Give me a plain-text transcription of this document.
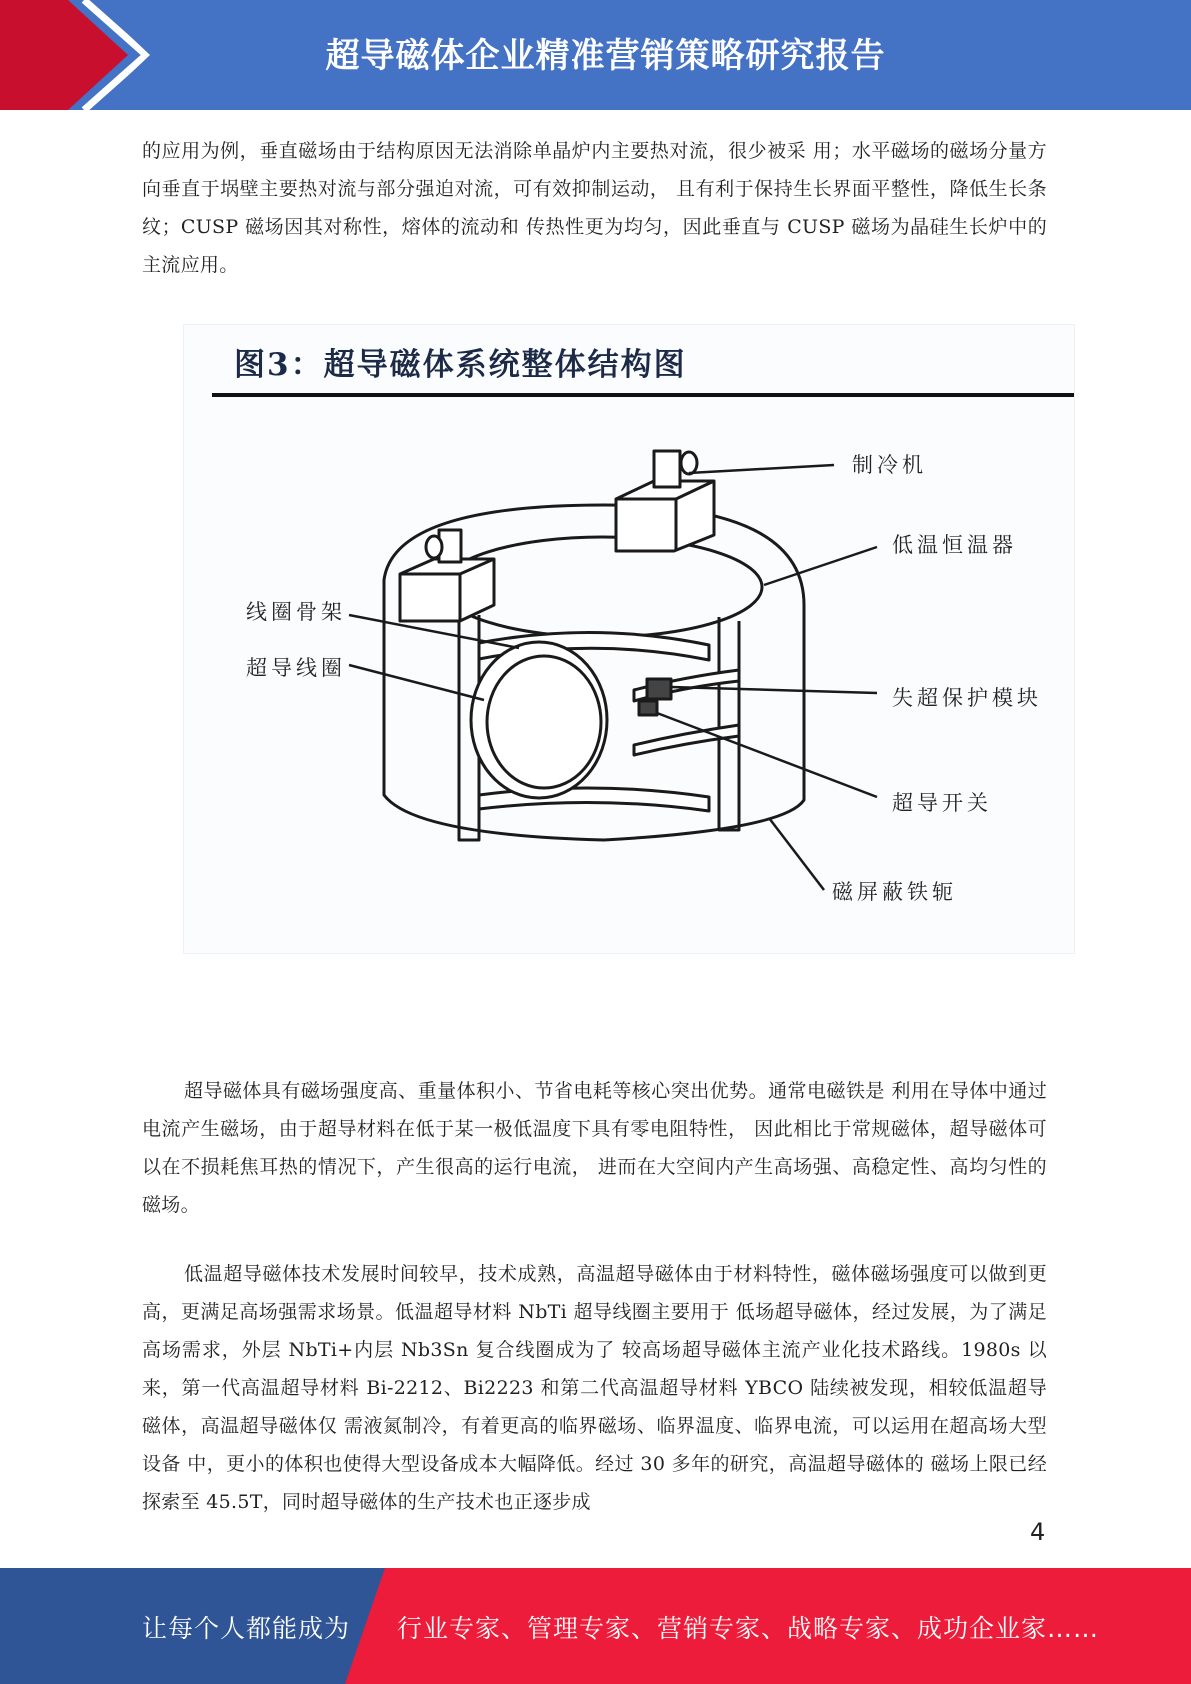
超导磁体企业精准营销策略研究报告

的应用为例，垂直磁场由于结构原因无法消除单晶炉内主要热对流，很少被采 用；水平磁场的磁场分量方向垂直于埚壁主要热对流与部分强迫对流，可有效抑制运动， 且有利于保持生长界面平整性，降低生长条纹；CUSP 磁场因其对称性，熔体的流动和 传热性更为均匀，因此垂直与 CUSP 磁场为晶硅生长炉中的主流应用。

图3：超导磁体系统整体结构图
制冷机
低温恒温器
线圈骨架
超导线圈
失超保护模块
超导开关
磁屏蔽铁轭

超导磁体具有磁场强度高、重量体积小、节省电耗等核心突出优势。通常电磁铁是 利用在导体中通过电流产生磁场，由于超导材料在低于某一极低温度下具有零电阻特性， 因此相比于常规磁体，超导磁体可以在不损耗焦耳热的情况下，产生很高的运行电流， 进而在大空间内产生高场强、高稳定性、高均匀性的磁场。

低温超导磁体技术发展时间较早，技术成熟，高温超导磁体由于材料特性，磁体磁场强度可以做到更高，更满足高场强需求场景。低温超导材料 NbTi 超导线圈主要用于 低场超导磁体，经过发展，为了满足高场需求，外层 NbTi+内层 Nb3Sn 复合线圈成为了 较高场超导磁体主流产业化技术路线。1980s 以来，第一代高温超导材料 Bi-2212、Bi2223 和第二代高温超导材料 YBCO 陆续被发现，相较低温超导磁体，高温超导磁体仅 需液氮制冷，有着更高的临界磁场、临界温度、临界电流，可以运用在超高场大型设备 中，更小的体积也使得大型设备成本大幅降低。经过 30 多年的研究，高温超导磁体的 磁场上限已经探索至 45.5T，同时超导磁体的生产技术也正逐步成

4
让每个人都能成为 行业专家、管理专家、营销专家、战略专家、成功企业家……
